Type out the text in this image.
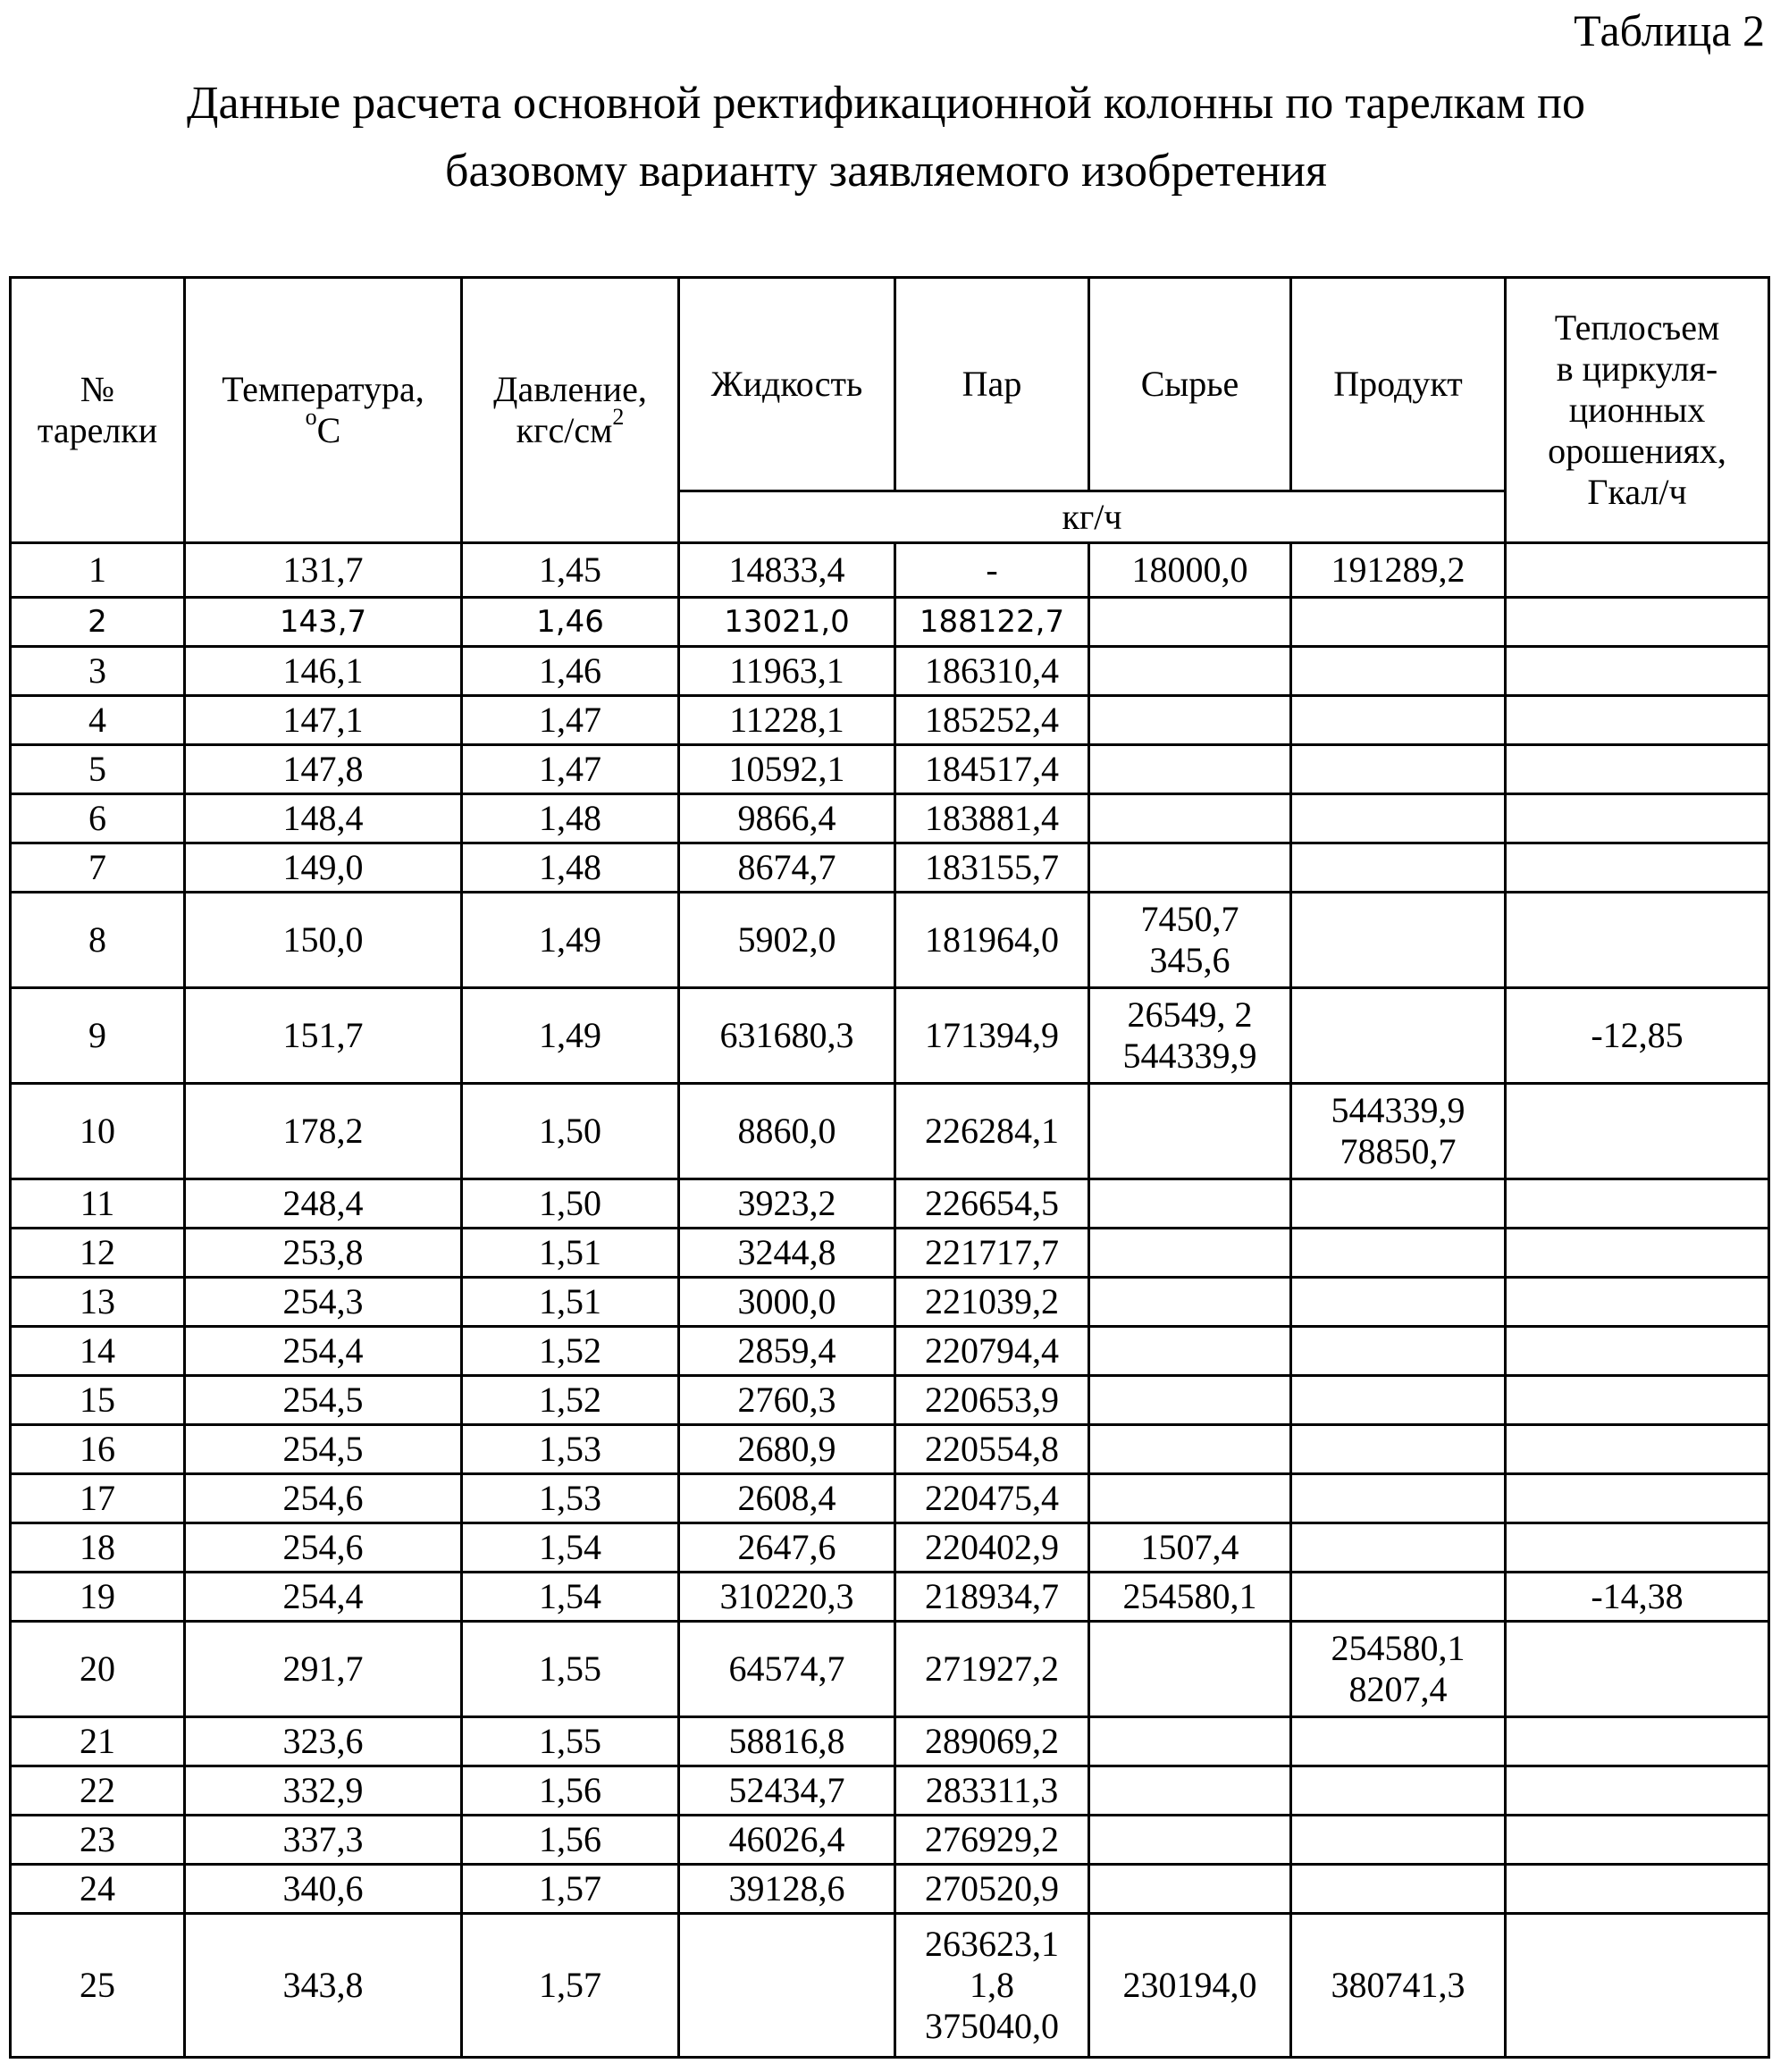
Таблица 2
Данные расчета основной ректификационной колонны по тарелкам по
базовому варианту заявляемого изобретения
№
тарелки

Температура,
oC

Давление,
кгс/см2
	Жидкость	Пар	Сырье	Продукт	
Теплосъем
в циркуля-
ционных
орошениях,
Гкал/ч

кг/ч
1	131,7	1,45	14833,4	-	18000,0	191289,2

2	143,7	1,46	13021,0	188122,7

3	146,1	1,46	11963,1	186310,4

4	147,1	1,47	11228,1	185252,4

5	147,8	1,47	10592,1	184517,4

6	148,4	1,48	9866,4	183881,4

7	149,0	1,48	8674,7	183155,7

8	150,0	1,49	5902,0	181964,0

7450,7
345,6

9	151,7	1,49	631680,3	171394,9

26549, 2
544339,9
		-12,85
10	178,2	1,50	8860,0	226284,1

544339,9
78850,7

11	248,4	1,50	3923,2	226654,5

12	253,8	1,51	3244,8	221717,7

13	254,3	1,51	3000,0	221039,2

14	254,4	1,52	2859,4	220794,4

15	254,5	1,52	2760,3	220653,9

16	254,5	1,53	2680,9	220554,8

17	254,6	1,53	2608,4	220475,4

18	254,6	1,54	2647,6	220402,9	1507,4

19	254,4	1,54	310220,3	218934,7	254580,1		-14,38
20	291,7	1,55	64574,7	271927,2

254580,1
8207,4

21	323,6	1,55	58816,8	289069,2

22	332,9	1,56	52434,7	283311,3

23	337,3	1,56	46026,4	276929,2

24	340,6	1,57	39128,6	270520,9

25	343,8	1,57		
263623,1
1,8
375040,0

230194,0	380741,3
